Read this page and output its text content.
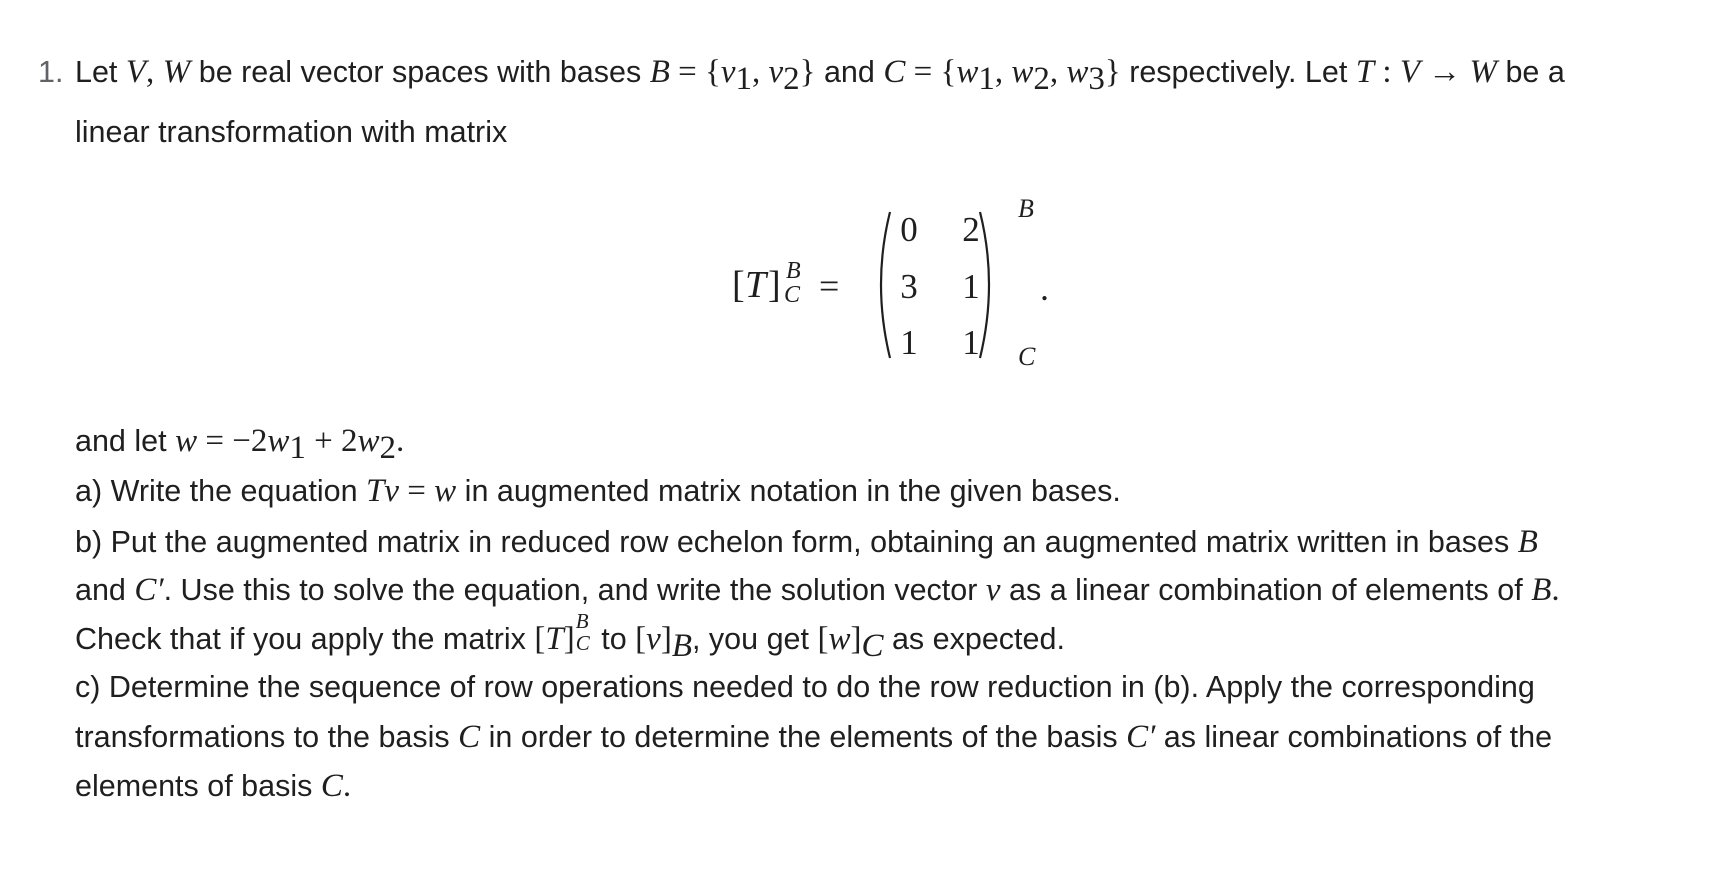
1. Let V, W be real vector spaces with bases $B = \{v_1$, $v_2$} and $C = \{w_1$, $w_2$, $w_3$} respectively. Let T : V → W be a
linear transformation with matrix
[ T ] B
C =
0	2
3	1
1	1
B
C
.
and let $w = -2w_1 + 2w_2$.
a) Write the equation Tv = w in augmented matrix notation in the given bases.
b) Put the augmented matrix in reduced row echelon form, obtaining an augmented matrix written in bases B
and C′. Use this to solve the equation, and write the solution vector v as a linear combination of elements of B.
Check that if you apply the matrix [T] B
C to $[v]_B$, you get $[w]_C$ as expected.
c) Determine the sequence of row operations needed to do the row reduction in (b). Apply the corresponding
transformations to the basis C in order to determine the elements of the basis C′ as linear combinations of the
elements of basis C.
